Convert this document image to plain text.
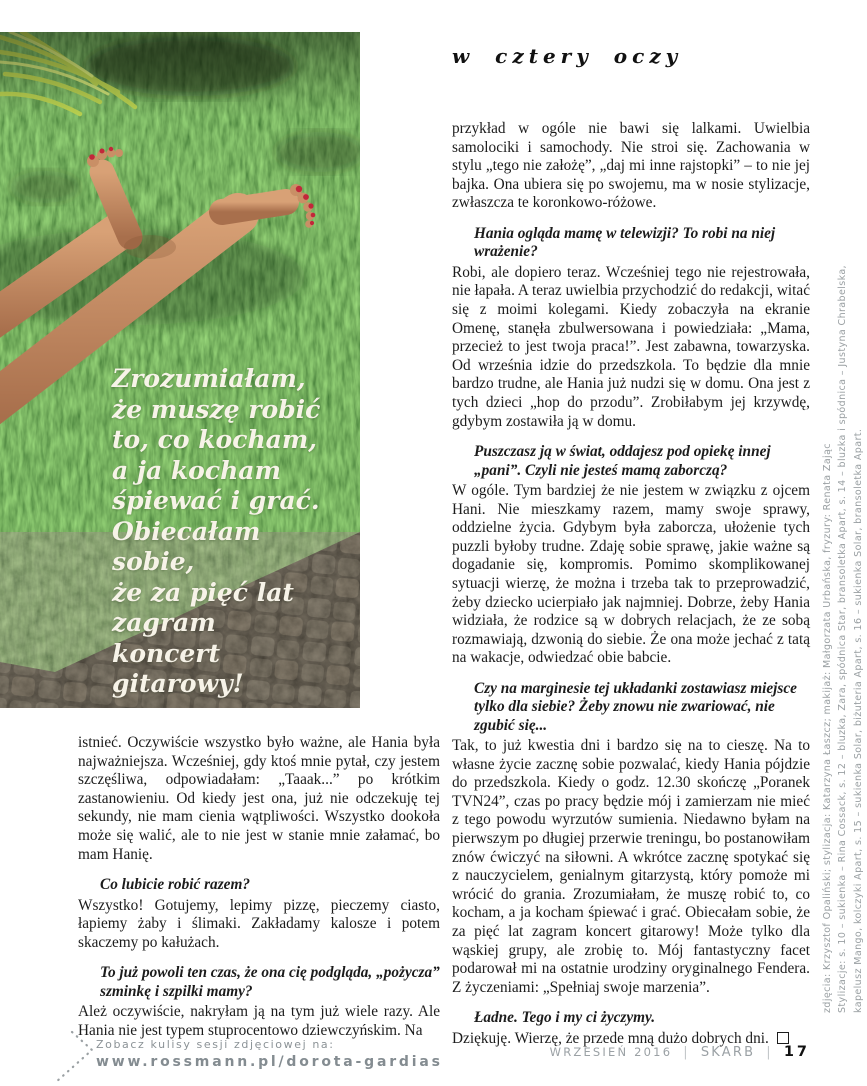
Zrozumiałam,
że muszę robić
to, co kocham,
a ja kocham
śpiewać i grać.
Obiecałam
sobie,
że za pięć lat
zagram
koncert
gitarowy!
w cztery oczy

przykład w ogóle nie bawi się lalkami. Uwielbia samolociki i samochody. Nie stroi się. Zachowania w stylu „tego nie założę”, „daj mi inne rajstopki” – to nie jej bajka. Ona ubiera się po swojemu, ma w nosie stylizacje, zwłaszcza te koronkowo-różowe.

Hania ogląda mamę w telewizji? To robi na niej wrażenie?

Robi, ale dopiero teraz. Wcześniej tego nie rejestrowała, nie łapała. A teraz uwielbia przychodzić do redakcji, witać się z moimi kolegami. Kiedy zobaczyła na ekranie Omenę, stanęła zbulwersowana i powiedziała: „Mama, przecież to jest twoja praca!”. Jest zabawna, towarzyska. Od września idzie do przedszkola. To będzie dla mnie bardzo trudne, ale Hania już nudzi się w domu. Ona jest z tych dzieci „hop do przodu”. Zrobiłabym jej krzywdę, gdybym zostawiła ją w domu.

Puszczasz ją w świat, oddajesz pod opiekę innej „pani”. Czyli nie jesteś mamą zaborczą?

W ogóle. Tym bardziej że nie jestem w związku z ojcem Hani. Nie mieszkamy razem, mamy swoje sprawy, oddzielne życia. Gdybym była zaborcza, ułożenie tych puzzli byłoby trudne. Zdaję sobie sprawę, jakie ważne są dogadanie się, kompromis. Pomimo skomplikowanej sytuacji wierzę, że można i trzeba tak to przeprowadzić, żeby dziecko ucierpiało jak najmniej. Dobrze, żeby Hania widziała, że rodzice są w dobrych relacjach, że ze sobą rozmawiają, dzwonią do siebie. Że ona może jechać z tatą na wakacje, odwiedzać obie babcie.

Czy na marginesie tej układanki zostawiasz miejsce tylko dla siebie? Żeby znowu nie zwariować, nie zgubić się...

Tak, to już kwestia dni i bardzo się na to cieszę. Na to własne życie zacznę sobie pozwalać, kiedy Hania pójdzie do przedszkola. Kiedy o godz. 12.30 skończę „Poranek TVN24”, czas po pracy będzie mój i zamierzam nie mieć z tego powodu wyrzutów sumienia. Niedawno byłam na pierwszym po długiej przerwie treningu, bo postanowiłam znów ćwiczyć na siłowni. A wkrótce zacznę spotykać się z nauczycielem, genialnym gitarzystą, który pomoże mi wrócić do grania. Zrozumiałam, że muszę robić to, co kocham, a ja kocham śpiewać i grać. Obiecałam sobie, że za pięć lat zagram koncert gitarowy! Może tylko dla wąskiej grupy, ale zrobię to. Mój fantastyczny facet podarował mi na ostatnie urodziny oryginalnego Fendera. Z życzeniami: „Spełniaj swoje marzenia”.

Ładne. Tego i my ci życzymy.

Dziękuję. Wierzę, że przede mną dużo dobrych dni.

istnieć. Oczywiście wszystko było ważne, ale Hania była najważniejsza. Wcześniej, gdy ktoś mnie pytał, czy jestem szczęśliwa, odpowiadałam: „Taaak...” po krótkim zastanowieniu. Od kiedy jest ona, już nie odczekuję tej sekundy, nie mam cienia wątpliwości. Wszystko dookoła może się walić, ale to nie jest w stanie mnie załamać, bo mam Hanię.

Co lubicie robić razem?

Wszystko! Gotujemy, lepimy pizzę, pieczemy ciasto, łapiemy żaby i ślimaki. Zakładamy kalosze i potem skaczemy po kałużach.

To już powoli ten czas, że ona cię podgląda, „pożycza” szminkę i szpilki mamy?

Ależ oczywiście, nakryłam ją na tym już wiele razy. Ale Hania nie jest typem stuprocentowo dziewczyńskim. Na

zdjęcia: Krzysztof Opaliński; stylizacja: Katarzyna Łaszcz; makijaż: Małgorzata Urbańska, fryzury: Renata Zając Stylizacje: s. 10 – sukienka – Rina Cossack, s. 12 – bluzka, Zara, spódnica Star, bransoletka Apart, s. 14 – bluzka i spódnica – Justyna Chrabelska, kapelusz Mango, kolczyki Apart, s. 15 – sukienka Solar, biżuteria Apart, s. 16 – sukienka Solar, bransoletka Apart.
Zobacz kulisy sesji zdjęciowej na:
www.rossmann.pl/dorota-gardias
WRZESIEŃ 2016 | SKARB | 17
